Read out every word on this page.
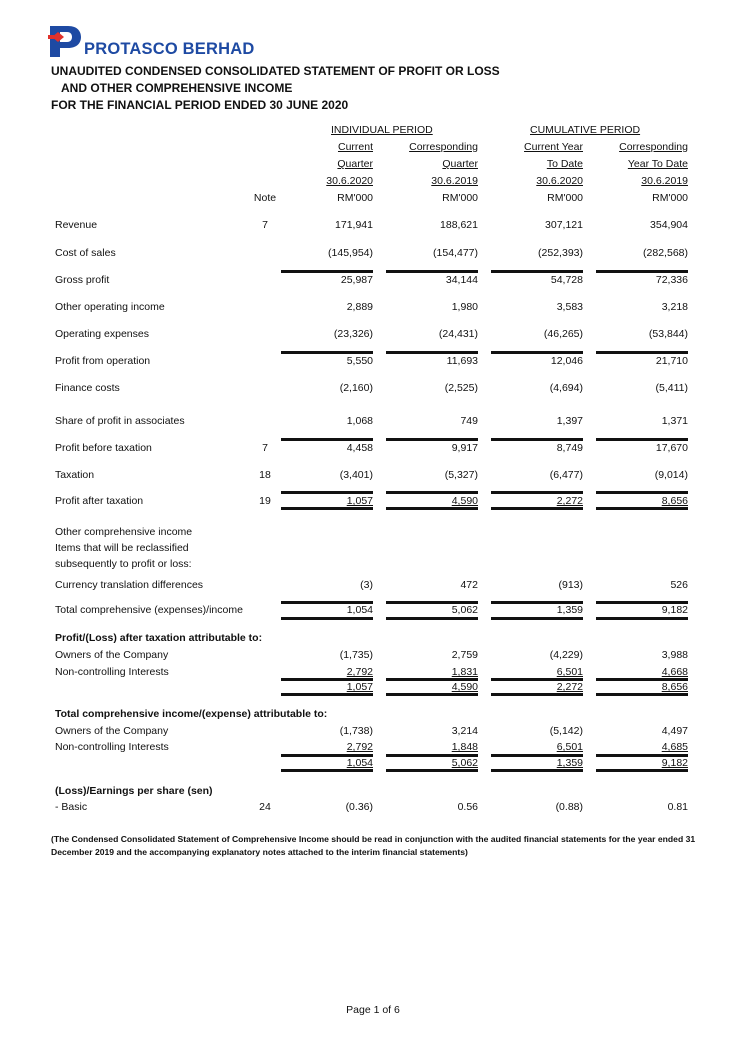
PROTASCO BERHAD
UNAUDITED CONDENSED CONSOLIDATED STATEMENT OF PROFIT OR LOSS
AND OTHER COMPREHENSIVE INCOME
FOR THE FINANCIAL PERIOD ENDED 30 JUNE 2020
INDIVIDUAL PERIOD	CUMULATIVE PERIOD
Current	Corresponding	Current Year	Corresponding
Quarter	Quarter	To Date	Year To Date
30.6.2020	30.6.2019	30.6.2020	30.6.2019
Note	RM'000	RM'000	RM'000	RM'000
Revenue	7	171,941	188,621	307,121	354,904
Cost of sales	(145,954)	(154,477)	(252,393)	(282,568)
Gross profit	25,987	34,144	54,728	72,336
Other operating income	2,889	1,980	3,583	3,218
Operating expenses	(23,326)	(24,431)	(46,265)	(53,844)
Profit from operation	5,550	11,693	12,046	21,710
Finance costs	(2,160)	(2,525)	(4,694)	(5,411)
Share of profit in associates	1,068	749	1,397	1,371
Profit before taxation	7	4,458	9,917	8,749	17,670
Taxation	18	(3,401)	(5,327)	(6,477)	(9,014)
Profit after taxation	19	1,057	4,590	2,272	8,656
Other comprehensive income
Items that will be reclassified
subsequently to profit or loss:
Currency translation differences	(3)	472	(913)	526
Total comprehensive (expenses)/income	1,054	5,062	1,359	9,182
Profit/(Loss) after taxation attributable to:
Owners of the Company	(1,735)	2,759	(4,229)	3,988
Non-controlling Interests	2,792	1,831	6,501	4,668
1,057	4,590	2,272	8,656
Total comprehensive income/(expense) attributable to:
Owners of the Company	(1,738)	3,214	(5,142)	4,497
Non-controlling Interests	2,792	1,848	6,501	4,685
1,054	5,062	1,359	9,182
(Loss)/Earnings per share (sen)
- Basic	24	(0.36)	0.56	(0.88)	0.81
(The Condensed Consolidated Statement of Comprehensive Income should be read in conjunction with the audited financial statements for the year ended 31 December 2019 and the accompanying explanatory notes attached to the interim financial statements)
Page 1 of 6
